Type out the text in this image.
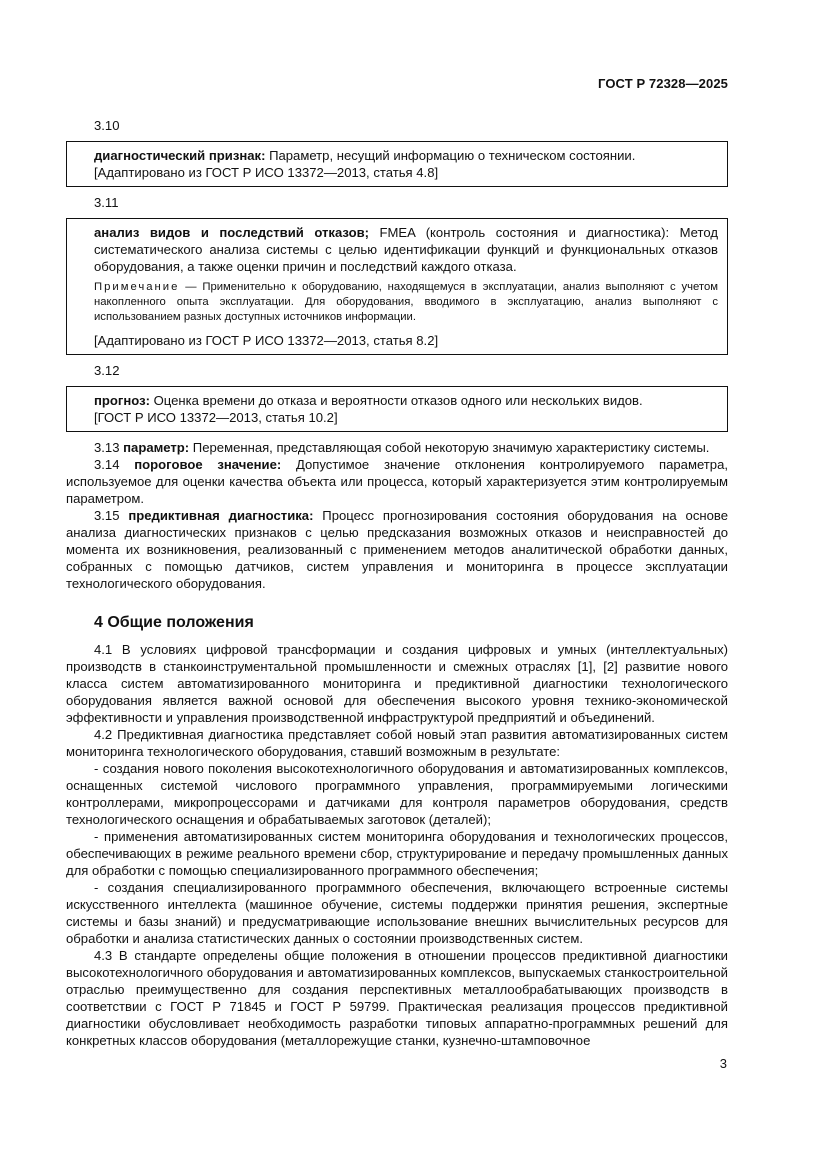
ГОСТ Р 72328—2025
3.10

диагностический признак: Параметр, несущий информацию о техническом состоянии.

[Адаптировано из ГОСТ Р ИСО 13372—2013, статья 4.8]

3.11

анализ видов и последствий отказов; FMEA (контроль состояния и диагностика): Метод систематического анализа системы с целью идентификации функций и функциональных отказов оборудования, а также оценки причин и последствий каждого отказа.

Примечание — Применительно к оборудованию, находящемуся в эксплуатации, анализ выполняют с учетом накопленного опыта эксплуатации. Для оборудования, вводимого в эксплуатацию, анализ выполняют с использованием разных доступных источников информации.

[Адаптировано из ГОСТ Р ИСО 13372—2013, статья 8.2]

3.12

прогноз: Оценка времени до отказа и вероятности отказов одного или нескольких видов.

[ГОСТ Р ИСО 13372—2013, статья 10.2]

3.13 параметр: Переменная, представляющая собой некоторую значимую характеристику системы.

3.14 пороговое значение: Допустимое значение отклонения контролируемого параметра, используемое для оценки качества объекта или процесса, который характеризуется этим контролируемым параметром.

3.15 предиктивная диагностика: Процесс прогнозирования состояния оборудования на основе анализа диагностических признаков с целью предсказания возможных отказов и неисправностей до момента их возникновения, реализованный с применением методов аналитической обработки данных, собранных с помощью датчиков, систем управления и мониторинга в процессе эксплуатации технологического оборудования.

4 Общие положения

4.1 В условиях цифровой трансформации и создания цифровых и умных (интеллектуальных) производств в станкоинструментальной промышленности и смежных отраслях [1], [2] развитие нового класса систем автоматизированного мониторинга и предиктивной диагностики технологического оборудования является важной основой для обеспечения высокого уровня технико-экономической эффективности и управления производственной инфраструктурой предприятий и объединений.

4.2 Предиктивная диагностика представляет собой новый этап развития автоматизированных систем мониторинга технологического оборудования, ставший возможным в результате:

- создания нового поколения высокотехнологичного оборудования и автоматизированных комплексов, оснащенных системой числового программного управления, программируемыми логическими контроллерами, микропроцессорами и датчиками для контроля параметров оборудования, средств технологического оснащения и обрабатываемых заготовок (деталей);

- применения автоматизированных систем мониторинга оборудования и технологических процессов, обеспечивающих в режиме реального времени сбор, структурирование и передачу промышленных данных для обработки с помощью специализированного программного обеспечения;

- создания специализированного программного обеспечения, включающего встроенные системы искусственного интеллекта (машинное обучение, системы поддержки принятия решения, экспертные системы и базы знаний) и предусматривающие использование внешних вычислительных ресурсов для обработки и анализа статистических данных о состоянии производственных систем.

4.3 В стандарте определены общие положения в отношении процессов предиктивной диагностики высокотехнологичного оборудования и автоматизированных комплексов, выпускаемых станкостроительной отраслью преимущественно для создания перспективных металлообрабатывающих производств в соответствии с ГОСТ Р 71845 и ГОСТ Р 59799. Практическая реализация процессов предиктивной диагностики обусловливает необходимость разработки типовых аппаратно-программных решений для конкретных классов оборудования (металлорежущие станки, кузнечно-штамповочное

3
